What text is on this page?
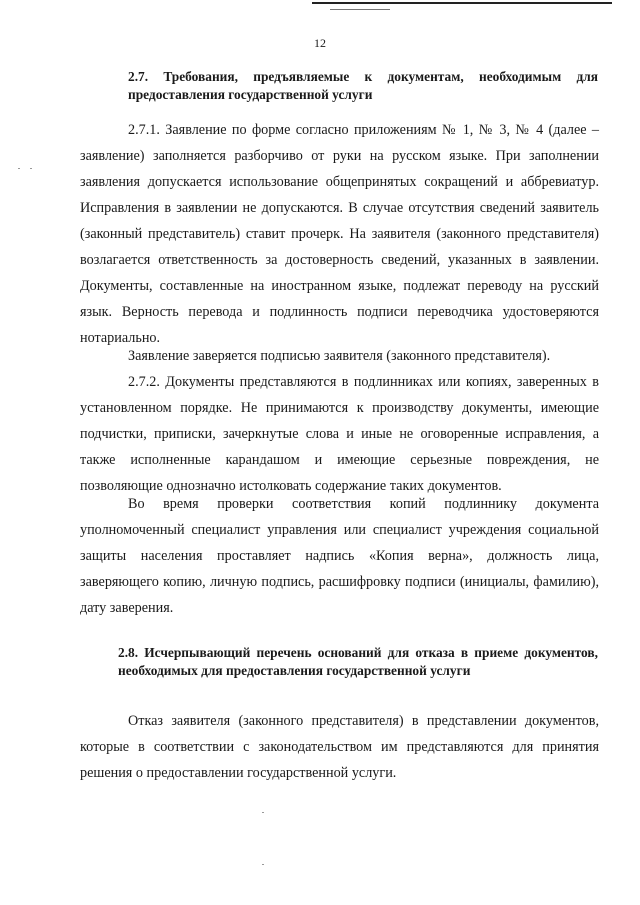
12
2.7. Требования, предъявляемые к документам, необходимым для предоставления государственной услуги

2.7.1. Заявление по форме согласно приложениям № 1, № 3, № 4 (далее – заявление) заполняется разборчиво от руки на русском языке. При заполнении заявления допускается использование общепринятых сокращений и аббревиатур. Исправления в заявлении не допускаются. В случае отсутствия сведений заявитель (законный представитель) ставит прочерк. На заявителя (законного представителя) возлагается ответственность за достоверность сведений, указанных в заявлении. Документы, составленные на иностранном языке, подлежат переводу на русский язык. Верность перевода и подлинность подписи переводчика удостоверяются нотариально.

Заявление заверяется подписью заявителя (законного представителя).

2.7.2. Документы представляются в подлинниках или копиях, заверенных в установленном порядке. Не принимаются к производству документы, имеющие подчистки, приписки, зачеркнутые слова и иные не оговоренные исправления, а также исполненные карандашом и имеющие серьезные повреждения, не позволяющие однозначно истолковать содержание таких документов.

Во время проверки соответствия копий подлиннику документа уполномоченный специалист управления или специалист учреждения социальной защиты населения проставляет надпись «Копия верна», должность лица, заверяющего копию, личную подпись, расшифровку подписи (инициалы, фамилию), дату заверения.

2.8. Исчерпывающий перечень оснований для отказа в приеме документов, необходимых для предоставления государственной услуги

Отказ заявителя (законного представителя) в представлении документов, которые в соответствии с законодательством им представляются для принятия решения о предоставлении государственной услуги.
